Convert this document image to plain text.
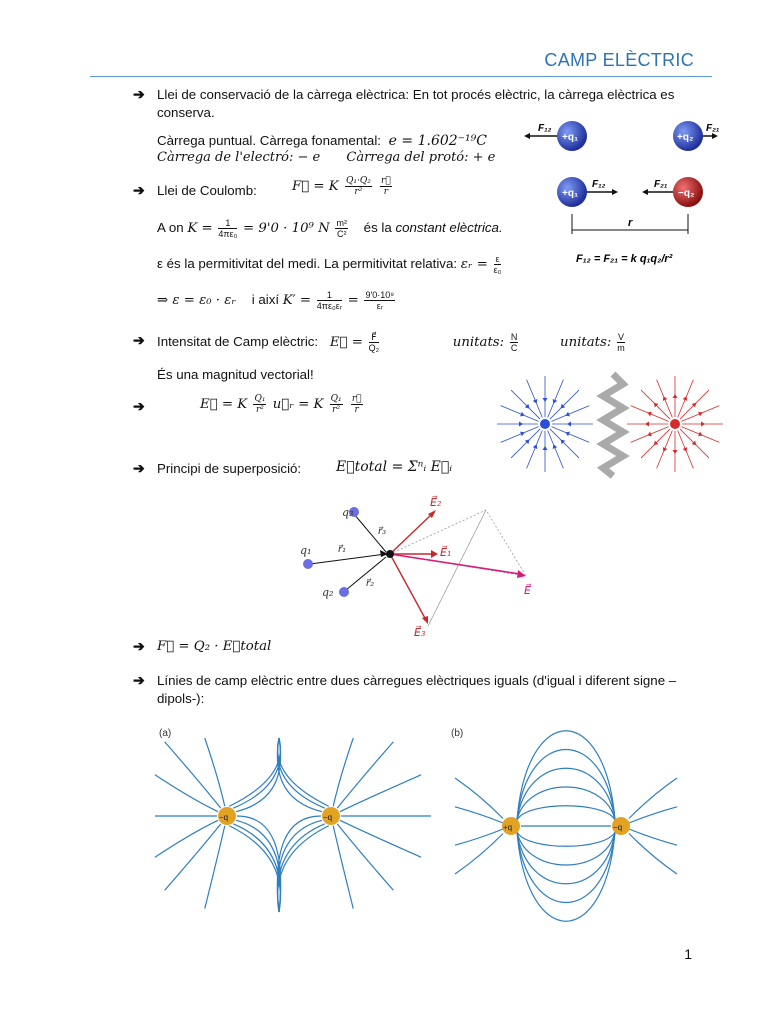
CAMP ELÈCTRIC
➔ Llei de conservació de la càrrega elèctrica: En tot procés elèctric, la càrrega elèctrica es
conserva.
Càrrega puntual. Càrrega fonamental: e = 1.602⁻¹⁹C
Càrrega de l'electró: − e Càrrega del protó: + e
➔ Llei de Coulomb:	F⃗ = K $\frac{\text{Q₁·Q₂}}{\text{r²}}$
$\frac{r⃗}{r}$
A on $K = \frac{1}{\text{4πε₀}} = 9'0 \cdot 10^9$ N $\frac{\text{m²}}{\text{C²}}$ és la constant elèctrica.
ε és la permitivitat del medi. La permitivitat relativa: εᵣ = $\frac{\varepsilon}{\text{ε₀}}$
⇒ ε = ε₀ · εᵣ i així $K' = \frac{1}{\text{4πε₀εᵣ}} = \frac{\text{9'0·10⁹}}{\text{εᵣ}}$
➔ Intensitat de Camp elèctric: E⃗ = $\frac{F⃗}{\text{Q₂}}$	unitats: $\frac{N}{C}$	unitats: $\frac{V}{m}$
És una magnitud vectorial!
➔	E⃗ = K $\frac{\text{Q₁}}{\text{r²}}$ u⃗ᵣ = K $\frac{\text{Q₁}}{\text{r²}}$
$\frac{r⃗}{r}$
➔ Principi de superposició: E⃗total = Σⁿᵢ E⃗ᵢ
➔ F⃗ = Q₂ · E⃗total
➔ Línies de camp elèctric entre dues càrregues elèctriques iguals (d'igual i diferent signe –
dipols-):
F₁₂	F₂₁
+q₁	+q₂
F₁₂	F₂₁
+q₁	−q₂
r
F₁₂ = F₂₁ = k q₁q₂/r²
q₁
q₂
q₃
r⃗₁
r⃗₂
r⃗₃
E⃗₁
E⃗₂
E⃗₃
E⃗
(a)
−q	−q
(b)
+q	−q
1
